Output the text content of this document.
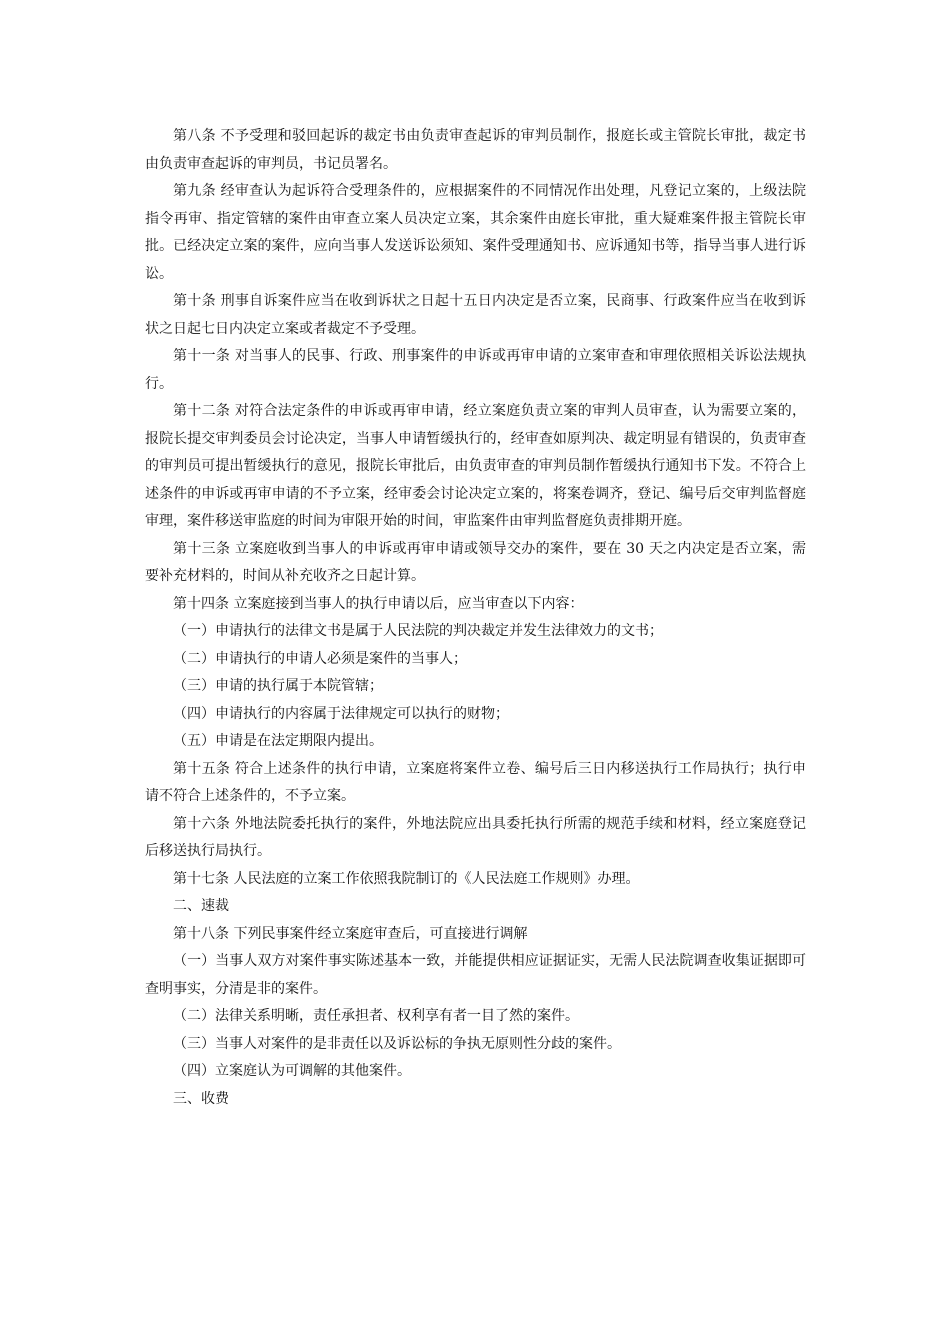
第八条 不予受理和驳回起诉的裁定书由负责审查起诉的审判员制作，报庭长或主管院长审批，裁定书由负责审查起诉的审判员，书记员署名。

第九条 经审查认为起诉符合受理条件的，应根据案件的不同情况作出处理，凡登记立案的，上级法院指令再审、指定管辖的案件由审查立案人员决定立案，其余案件由庭长审批，重大疑难案件报主管院长审批。已经决定立案的案件，应向当事人发送诉讼须知、案件受理通知书、应诉通知书等，指导当事人进行诉讼。

第十条 刑事自诉案件应当在收到诉状之日起十五日内决定是否立案，民商事、行政案件应当在收到诉状之日起七日内决定立案或者裁定不予受理。

第十一条 对当事人的民事、行政、刑事案件的申诉或再审申请的立案审查和审理依照相关诉讼法规执行。

第十二条 对符合法定条件的申诉或再审申请，经立案庭负责立案的审判人员审查，认为需要立案的，报院长提交审判委员会讨论决定，当事人申请暂缓执行的，经审查如原判决、裁定明显有错误的，负责审查的审判员可提出暂缓执行的意见，报院长审批后，由负责审查的审判员制作暂缓执行通知书下发。不符合上述条件的申诉或再审申请的不予立案，经审委会讨论决定立案的，将案卷调齐，登记、编号后交审判监督庭审理，案件移送审监庭的时间为审限开始的时间，审监案件由审判监督庭负责排期开庭。

第十三条 立案庭收到当事人的申诉或再审申请或领导交办的案件，要在 30 天之内决定是否立案，需要补充材料的，时间从补充收齐之日起计算。

第十四条 立案庭接到当事人的执行申请以后，应当审查以下内容：

（一）申请执行的法律文书是属于人民法院的判决裁定并发生法律效力的文书；

（二）申请执行的申请人必须是案件的当事人；

（三）申请的执行属于本院管辖；

（四）申请执行的内容属于法律规定可以执行的财物；

（五）申请是在法定期限内提出。

第十五条 符合上述条件的执行申请，立案庭将案件立卷、编号后三日内移送执行工作局执行；执行申请不符合上述条件的，不予立案。

第十六条 外地法院委托执行的案件，外地法院应出具委托执行所需的规范手续和材料，经立案庭登记后移送执行局执行。

第十七条 人民法庭的立案工作依照我院制订的《人民法庭工作规则》办理。

二、速裁

第十八条 下列民事案件经立案庭审查后，可直接进行调解

（一）当事人双方对案件事实陈述基本一致，并能提供相应证据证实，无需人民法院调查收集证据即可查明事实，分清是非的案件。

（二）法律关系明晰，责任承担者、权利享有者一目了然的案件。

（三）当事人对案件的是非责任以及诉讼标的争执无原则性分歧的案件。

（四）立案庭认为可调解的其他案件。

三、收费
